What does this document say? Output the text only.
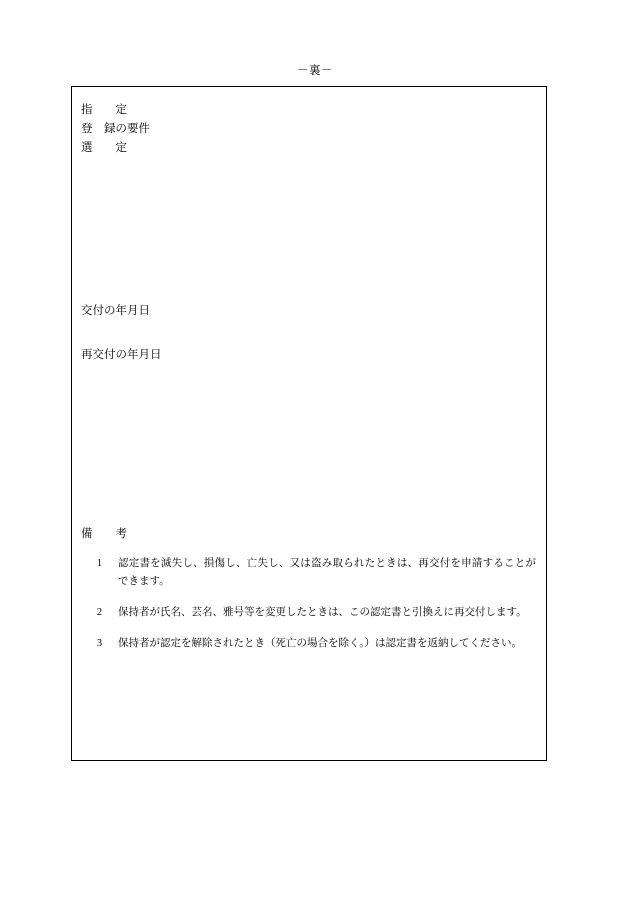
－裏－
指　　定
登　録の要件
選　　定
交付の年月日
再交付の年月日
備　　考
1	認定書を滅失し、損傷し、亡失し、又は盗み取られたときは、再交付を申請することができます。
2	保持者が氏名、芸名、雅号等を変更したときは、この認定書と引換えに再交付します。
3	保持者が認定を解除されたとき（死亡の場合を除く。）は認定書を返納してください。
